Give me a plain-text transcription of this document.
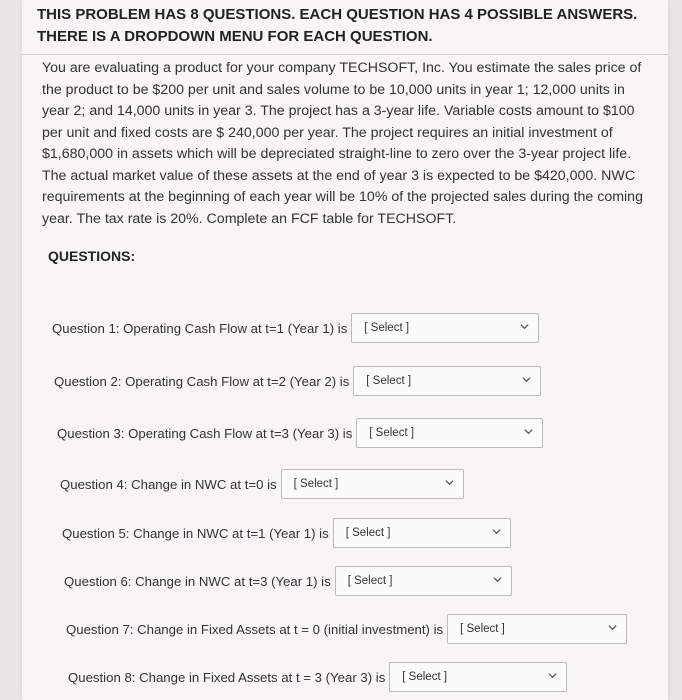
THIS PROBLEM HAS 8 QUESTIONS. EACH QUESTION HAS 4 POSSIBLE ANSWERS. THERE IS A DROPDOWN MENU FOR EACH QUESTION.
You are evaluating a product for your company TECHSOFT, Inc. You estimate the sales price of the product to be $200 per unit and sales volume to be 10,000 units in year 1; 12,000 units in year 2; and 14,000 units in year 3. The project has a 3-year life. Variable costs amount to $100 per unit and fixed costs are $ 240,000 per year. The project requires an initial investment of $1,680,000 in assets which will be depreciated straight-line to zero over the 3-year project life. The actual market value of these assets at the end of year 3 is expected to be $420,000. NWC requirements at the beginning of each year will be 10% of the projected sales during the coming year. The tax rate is 20%. Complete an FCF table for TECHSOFT.
QUESTIONS:
Question 1: Operating Cash Flow at t=1 (Year 1) is	[ Select ]
Question 2: Operating Cash Flow at t=2 (Year 2) is	[ Select ]
Question 3: Operating Cash Flow at t=3 (Year 3) is	[ Select ]
Question 4: Change in NWC at t=0 is	[ Select ]
Question 5: Change in NWC at t=1 (Year 1) is	[ Select ]
Question 6: Change in NWC at t=3 (Year 1) is	[ Select ]
Question 7: Change in Fixed Assets at t = 0 (initial investment) is	[ Select ]
Question 8: Change in Fixed Assets at t = 3 (Year 3) is	[ Select ]
